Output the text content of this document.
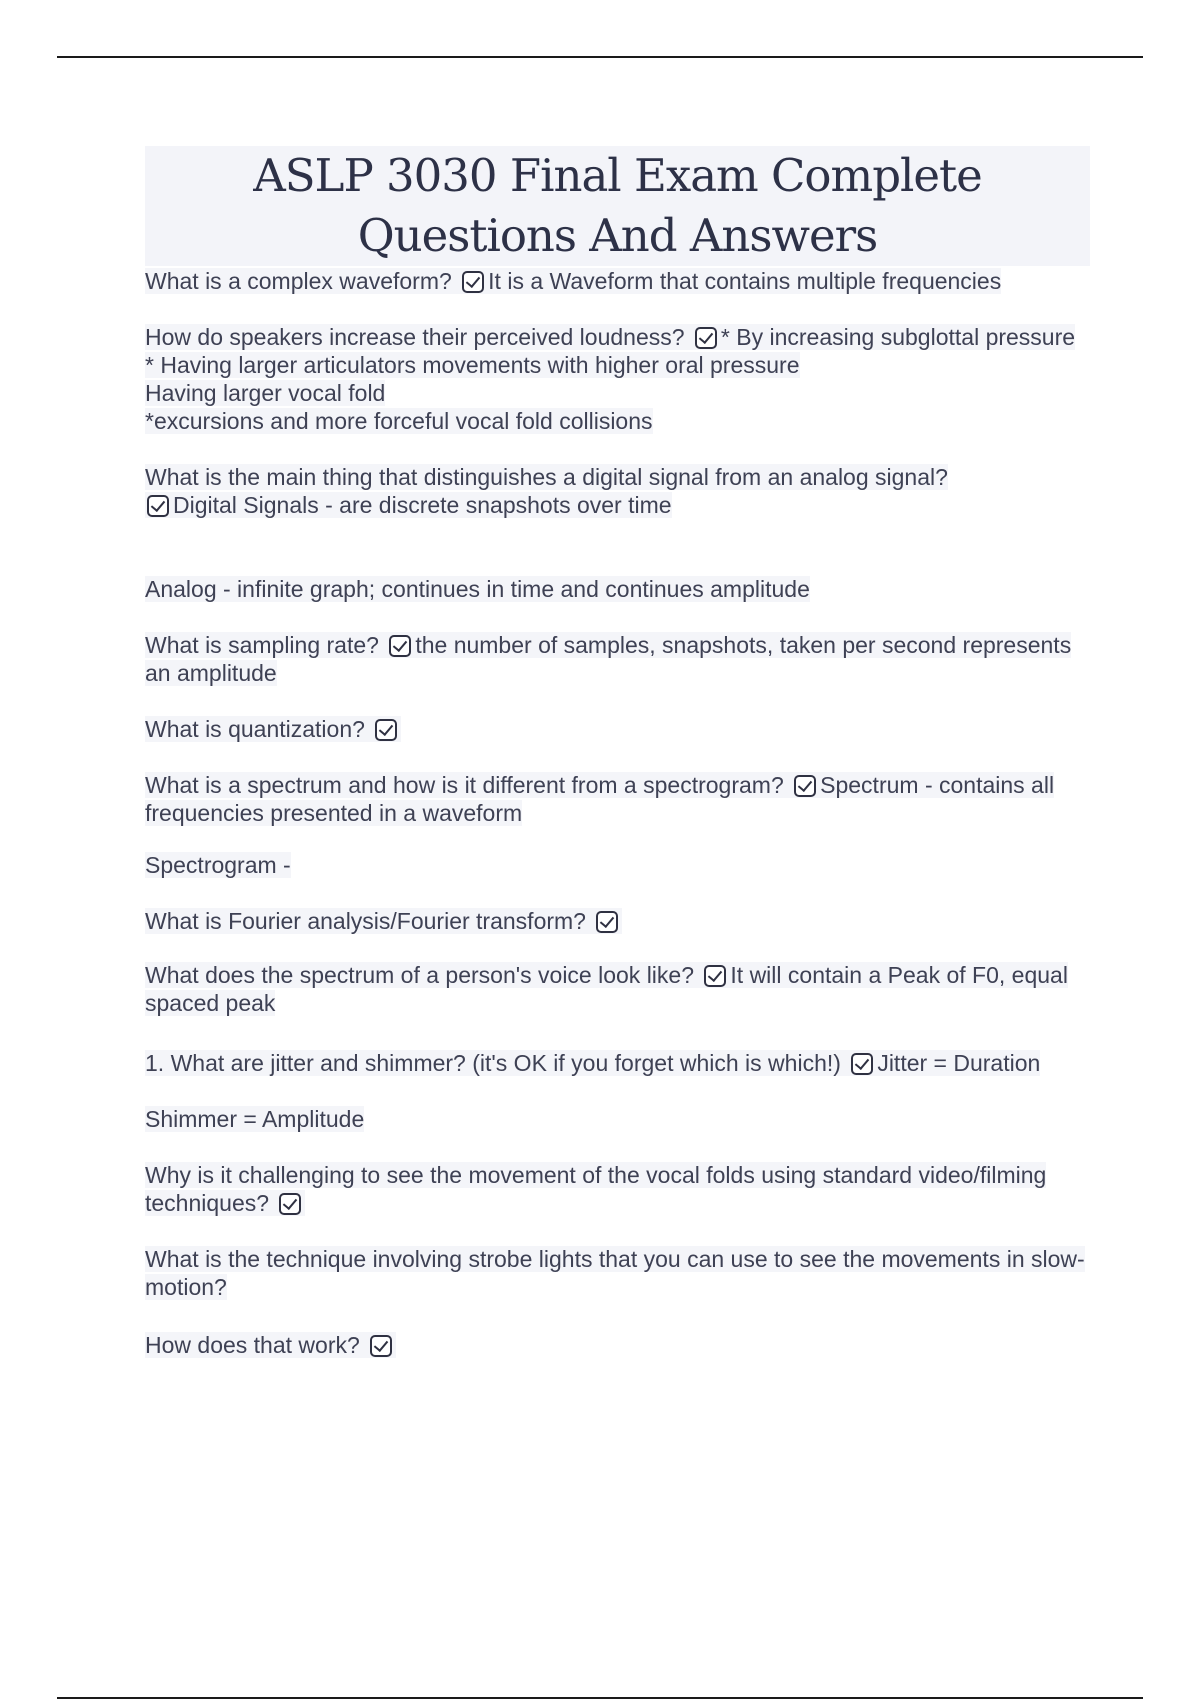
ASLP 3030 Final Exam Complete Questions And Answers

What is a complex waveform? It is a Waveform that contains multiple frequencies

How do speakers increase their perceived loudness? * By increasing subglottal pressure

* Having larger articulators movements with higher oral pressure

Having larger vocal fold

*excursions and more forceful vocal fold collisions

What is the main thing that distinguishes a digital signal from an analog signal?
Digital Signals - are discrete snapshots over time

Analog - infinite graph; continues in time and continues amplitude

What is sampling rate? the number of samples, snapshots, taken per second represents an amplitude

What is quantization?

What is a spectrum and how is it different from a spectrogram? Spectrum - contains all frequencies presented in a waveform

Spectrogram -

What is Fourier analysis/Fourier transform?

What does the spectrum of a person's voice look like? It will contain a Peak of F0, equal spaced peak

1. What are jitter and shimmer? (it's OK if you forget which is which!) Jitter = Duration

Shimmer = Amplitude

Why is it challenging to see the movement of the vocal folds using standard video/filming techniques?

What is the technique involving strobe lights that you can use to see the movements in slow-motion?

How does that work?
